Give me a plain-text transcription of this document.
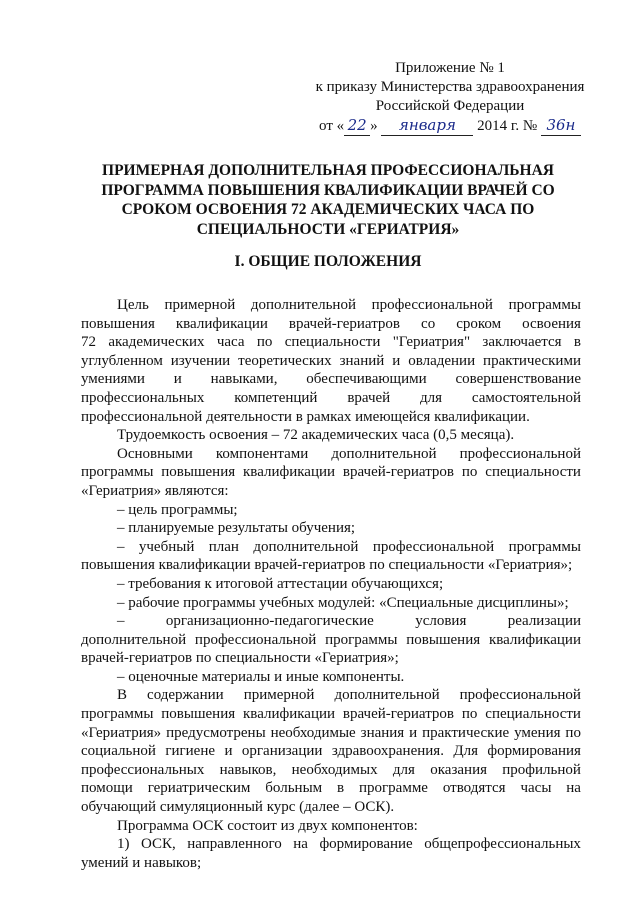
Приложение № 1
к приказу Министерства здравоохранения
Российской Федерации
от « 22 » января 2014 г. № 36н
ПРИМЕРНАЯ ДОПОЛНИТЕЛЬНАЯ ПРОФЕССИОНАЛЬНАЯ
ПРОГРАММА ПОВЫШЕНИЯ КВАЛИФИКАЦИИ ВРАЧЕЙ СО
СРОКОМ ОСВОЕНИЯ 72 АКАДЕМИЧЕСКИХ ЧАСА ПО
СПЕЦИАЛЬНОСТИ «ГЕРИАТРИЯ»
I. ОБЩИЕ ПОЛОЖЕНИЯ
Цель примерной дополнительной профессиональной программы
повышения квалификации врачей-гериатров со сроком освоения
72 академических часа по специальности "Гериатрия" заключается в
углубленном изучении теоретических знаний и овладении практическими
умениями и навыками, обеспечивающими совершенствование
профессиональных компетенций врачей для самостоятельной
профессиональной деятельности в рамках имеющейся квалификации.
Трудоемкость освоения – 72 академических часа (0,5 месяца).
Основными компонентами дополнительной профессиональной
программы повышения квалификации врачей-гериатров по специальности
«Гериатрия» являются:
– цель программы;
– планируемые результаты обучения;
– учебный план дополнительной профессиональной программы
повышения квалификации врачей-гериатров по специальности «Гериатрия»;
– требования к итоговой аттестации обучающихся;
– рабочие программы учебных модулей: «Специальные дисциплины»;
–	организационно-педагогические	условия	реализации
дополнительной профессиональной программы повышения квалификации
врачей-гериатров по специальности «Гериатрия»;
– оценочные материалы и иные компоненты.
В содержании примерной дополнительной профессиональной
программы повышения квалификации врачей-гериатров по специальности
«Гериатрия» предусмотрены необходимые знания и практические умения по
социальной гигиене и организации здравоохранения. Для формирования
профессиональных навыков, необходимых для оказания профильной
помощи гериатрическим больным в программе отводятся часы на
обучающий симуляционный курс (далее – ОСК).
Программа ОСК состоит из двух компонентов:
1) ОСК, направленного на формирование общепрофессиональных
умений и навыков;
